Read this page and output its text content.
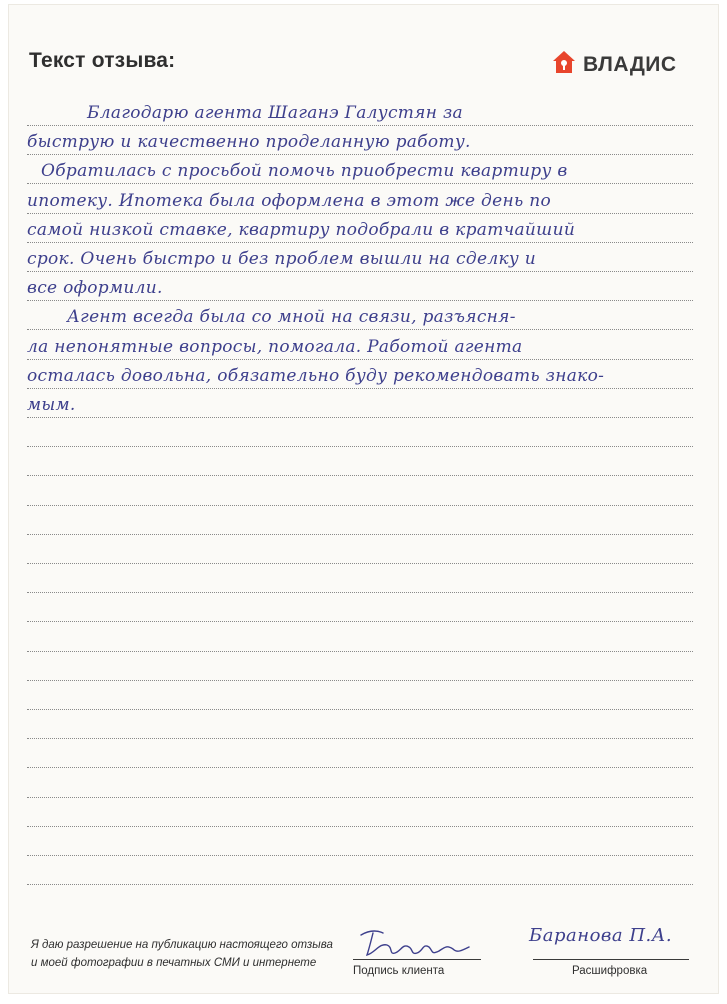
Текст отзыва:	ВЛАДИС
Благодарю агента Шаганэ Галустян за
быструю и качественно проделанную работу.
Обратилась с просьбой помочь приобрести квартиру в
ипотеку. Ипотека была оформлена в этот же день по
самой низкой ставке, квартиру подобрали в кратчайший
срок. Очень быстро и без проблем вышли на сделку и
все оформили.
Агент всегда была со мной на связи, разъясня-
ла непонятные вопросы, помогала. Работой агента
осталась довольна, обязательно буду рекомендовать знако-
мым.
Я даю разрешение на публикацию настоящего отзыва
и моей фотографии в печатных СМИ и интернете
Подпись клиента
Баранова П.А.
Расшифровка
